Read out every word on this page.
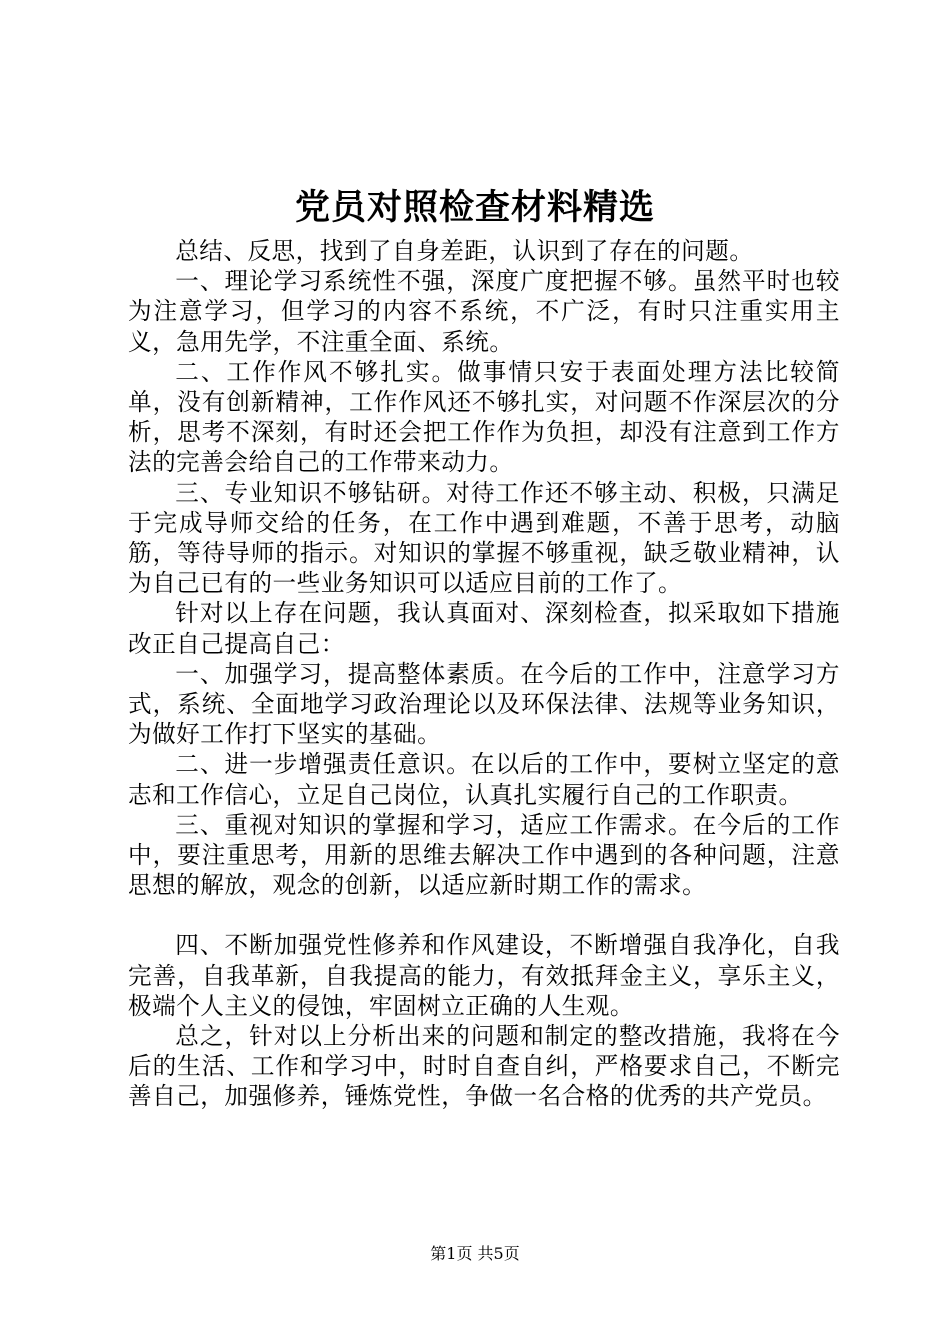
党员对照检查材料精选

总结、反思，找到了自身差距，认识到了存在的问题。

一、理论学习系统性不强，深度广度把握不够。虽然平时也较为注意学习，但学习的内容不系统，不广泛，有时只注重实用主义，急用先学，不注重全面、系统。

二、工作作风不够扎实。做事情只安于表面处理方法比较简单，没有创新精神，工作作风还不够扎实，对问题不作深层次的分析，思考不深刻，有时还会把工作作为负担，却没有注意到工作方法的完善会给自己的工作带来动力。

三、专业知识不够钻研。对待工作还不够主动、积极，只满足于完成导师交给的任务，在工作中遇到难题，不善于思考，动脑筋，等待导师的指示。对知识的掌握不够重视，缺乏敬业精神，认为自己已有的一些业务知识可以适应目前的工作了。

针对以上存在问题，我认真面对、深刻检查，拟采取如下措施改正自己提高自己：

一、加强学习，提高整体素质。在今后的工作中，注意学习方式，系统、全面地学习政治理论以及环保法律、法规等业务知识，为做好工作打下坚实的基础。

二、进一步增强责任意识。在以后的工作中，要树立坚定的意志和工作信心，立足自己岗位，认真扎实履行自己的工作职责。

三、重视对知识的掌握和学习，适应工作需求。在今后的工作中，要注重思考，用新的思维去解决工作中遇到的各种问题，注意思想的解放，观念的创新，以适应新时期工作的需求。

四、不断加强党性修养和作风建设，不断增强自我净化，自我完善，自我革新，自我提高的能力，有效抵拜金主义，享乐主义，极端个人主义的侵蚀，牢固树立正确的人生观。

总之，针对以上分析出来的问题和制定的整改措施，我将在今后的生活、工作和学习中，时时自查自纠，严格要求自己，不断完善自己，加强修养，锤炼党性，争做一名合格的优秀的共产党员。

第1页 共5页
